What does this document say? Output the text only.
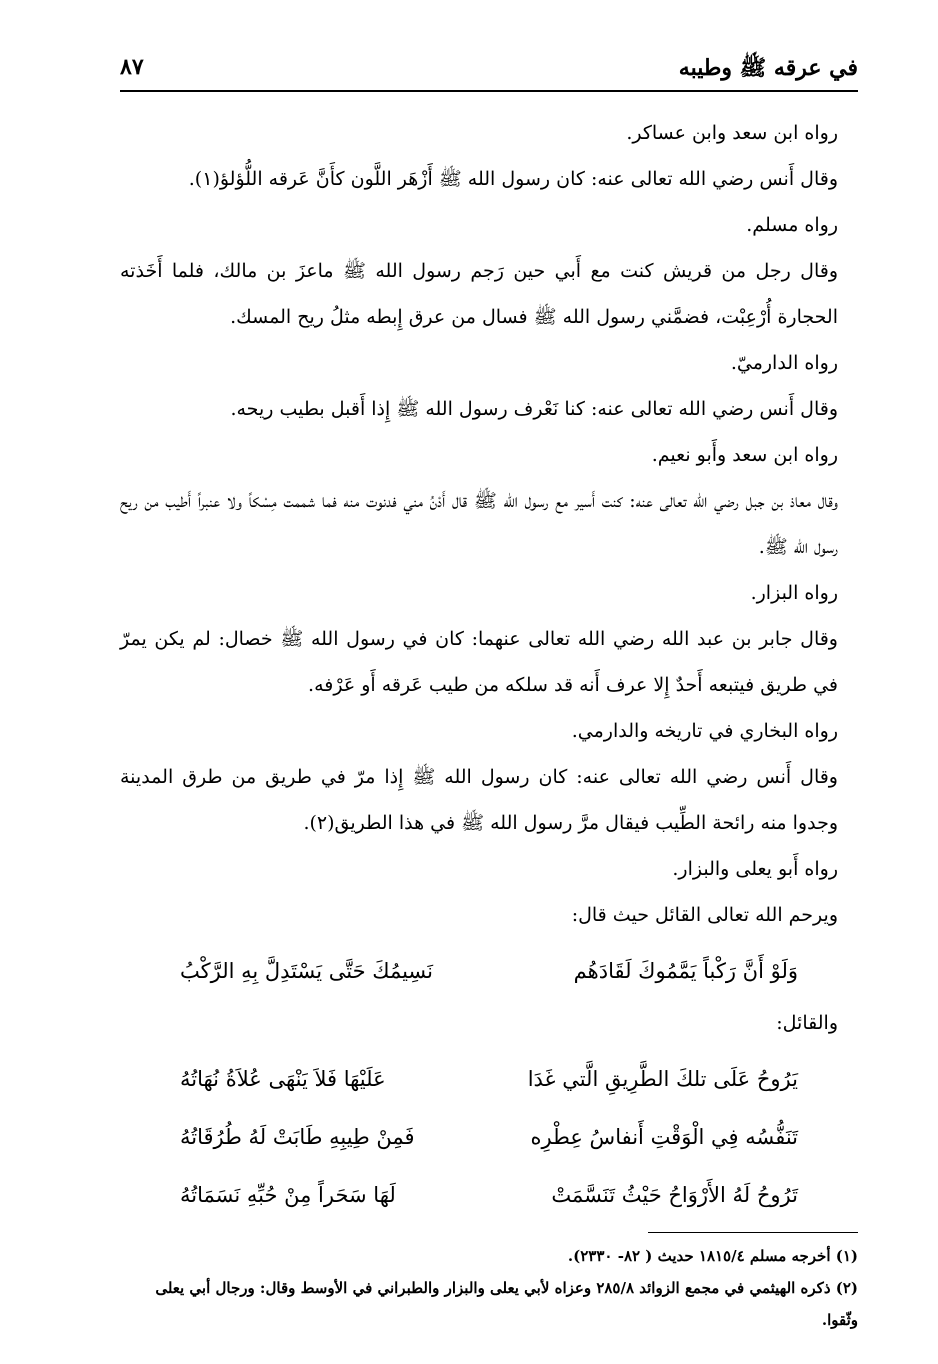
في عرقه ﷺ وطيبه
٨٧

رواه ابن سعد وابن عساكر.

وقال أَنس رضي الله تعالى عنه: كان رسول الله ﷺ أَزْهَر اللَّون كأَنَّ عَرقه اللُّؤلؤ(١).

رواه مسلم.

وقال رجل من قريش كنت مع أَبي حين رَجم رسول الله ﷺ ماعزَ بن مالك، فلما أَخَذته الحجارة أُرْعِبْت، فضمَّني رسول الله ﷺ فسال من عرق إِبطه مثلُ ريح المسك.

رواه الدارميّ.

وقال أَنس رضي الله تعالى عنه: كنا نَعْرف رسول الله ﷺ إِذا أَقبل بطيب ريحه.

رواه ابن سعد وأَبو نعيم.

وقال معاذ بن جبل رضي الله تعالى عنه: كنت أَسير مع رسول الله ﷺ قال أَدْنُ مني فدنوت منه فما شممت مِسْكاً ولا عنبراً أَطيب من ريح رسول الله ﷺ.

رواه البزار.

وقال جابر بن عبد الله رضي الله تعالى عنهما: كان في رسول الله ﷺ خصال: لم يكن يمرّ في طريق فيتبعه أَحدٌ إِلا عرف أَنه قد سلكه من طيب عَرقه أَو عَرْفه.

رواه البخاري في تاريخه والدارمي.

وقال أَنس رضي الله تعالى عنه: كان رسول الله ﷺ إِذا مرّ في طريق من طرق المدينة وجدوا منه رائحة الطِّيب فيقال مرَّ رسول الله ﷺ في هذا الطريق(٢).

رواه أَبو يعلى والبزار.

ويرحم الله تعالى القائل حيث قال:

وَلَوْ أَنَّ رَكْباً يَمَّمُوكَ لَقَادَهُم
نَسِيمُكَ حَتَّى يَسْتَدِلَّ بِهِ الرَّكْبُ

والقائل:

يَرُوحُ عَلَى تلكَ الطَّرِيقِ الَّتي غَدَا
عَلَيْهَا فَلاَ يَنْهَى عُلاَةُ نُهَاتُهُ
تَنَفُّسُه فِي الْوَقْتِ أَنفاسُ عِطْرِه
فَمِنْ طِيبِهِ طَابَتْ لَهُ طُرُقَاتُهُ
تَرُوحُ لَهُ الأَرْوَاحُ حَيْثُ تَنَسَّمَتْ
لَهَا سَحَراً مِنْ حُبِّهِ نَسَمَاتُهُ

(١) أخرجه مسلم ١٨١٥/٤ حديث ( ٨٢- ٢٣٣٠).

(٢) ذكره الهيثمي في مجمع الزوائد ٢٨٥/٨ وعزاه لأبي يعلى والبزار والطبراني في الأوسط وقال: ورجال أبي يعلى وثّقوا.
